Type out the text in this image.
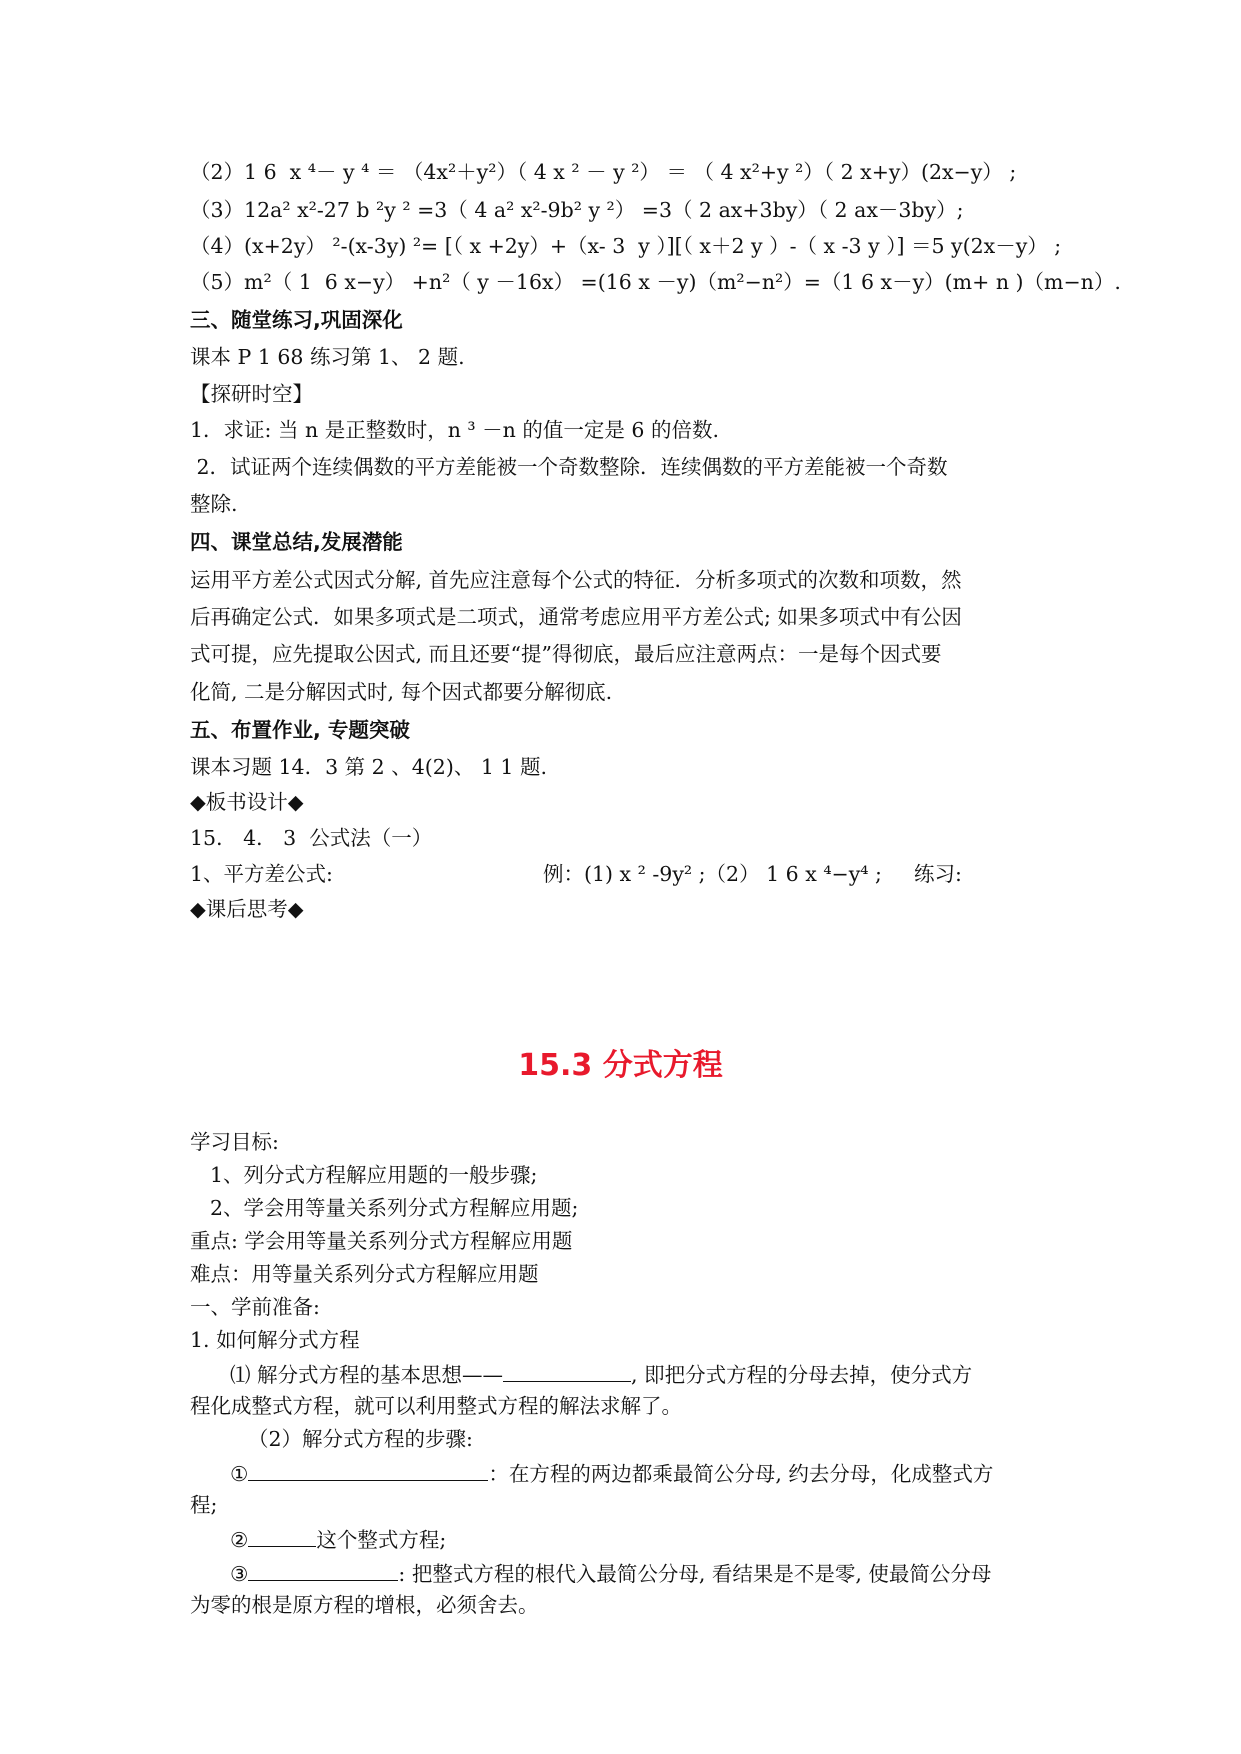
（2）1 6  x ⁴－ y ⁴ ＝ （4x²＋y²）（ 4 x ² － y ²） ＝ （ 4 x²+y ²）（ 2 x+y）(2x−y） ;
（3）12a² x²-27 b ²y ² =3（ 4 a² x²-9b² y ²） =3（ 2 ax+3by）（ 2 ax－3by）;
（4）(x+2y） ²-(x-3y) ²= [（ x +2y）+（x- 3  y ）][（ x＋2 y ）-（ x -3 y ）] ＝5 y(2x－y） ;
（5）m²（ 1  6 x−y） +n²（ y －16x） =(16 x －y)（m²−n²）=（1 6 x－y）(m+ n )（m−n）.
三、随堂练习,巩固深化
课本 P 1 68 练习第 1、 2 题.
【探研时空】
1．求证: 当 n 是正整数时，n ³ －n 的值一定是 6 的倍数.
2．试证两个连续偶数的平方差能被一个奇数整除．连续偶数的平方差能被一个奇数
整除.
四、课堂总结,发展潜能
运用平方差公式因式分解, 首先应注意每个公式的特征．分析多项式的次数和项数，然
后再确定公式．如果多项式是二项式，通常考虑应用平方差公式; 如果多项式中有公因
式可提，应先提取公因式, 而且还要“提”得彻底，最后应注意两点：一是每个因式要
化简, 二是分解因式时, 每个因式都要分解彻底.
五、布置作业, 专题突破
课本习题 14．3 第 2 、4(2)、 1 1 题.
◆板书设计◆
15． 4． 3  公式法（一）
1、平方差公式:	例：(1) x ² -9y² ;（2） 1 6 x ⁴−y⁴ ; 练习:
◆课后思考◆
15.3 分式方程
学习目标:
1、列分式方程解应用题的一般步骤;
2、学会用等量关系列分式方程解应用题;
重点: 学会用等量关系列分式方程解应用题
难点：用等量关系列分式方程解应用题
一、学前准备:
1. 如何解分式方程
⑴ 解分式方程的基本思想——	, 即把分式方程的分母去掉，使分式方
程化成整式方程，就可以利用整式方程的解法求解了。
（2）解分式方程的步骤:
①	：在方程的两边都乘最简公分母, 约去分母，化成整式方
程;
②	这个整式方程;
③	: 把整式方程的根代入最简公分母, 看结果是不是零, 使最简公分母
为零的根是原方程的增根，必须舍去。
